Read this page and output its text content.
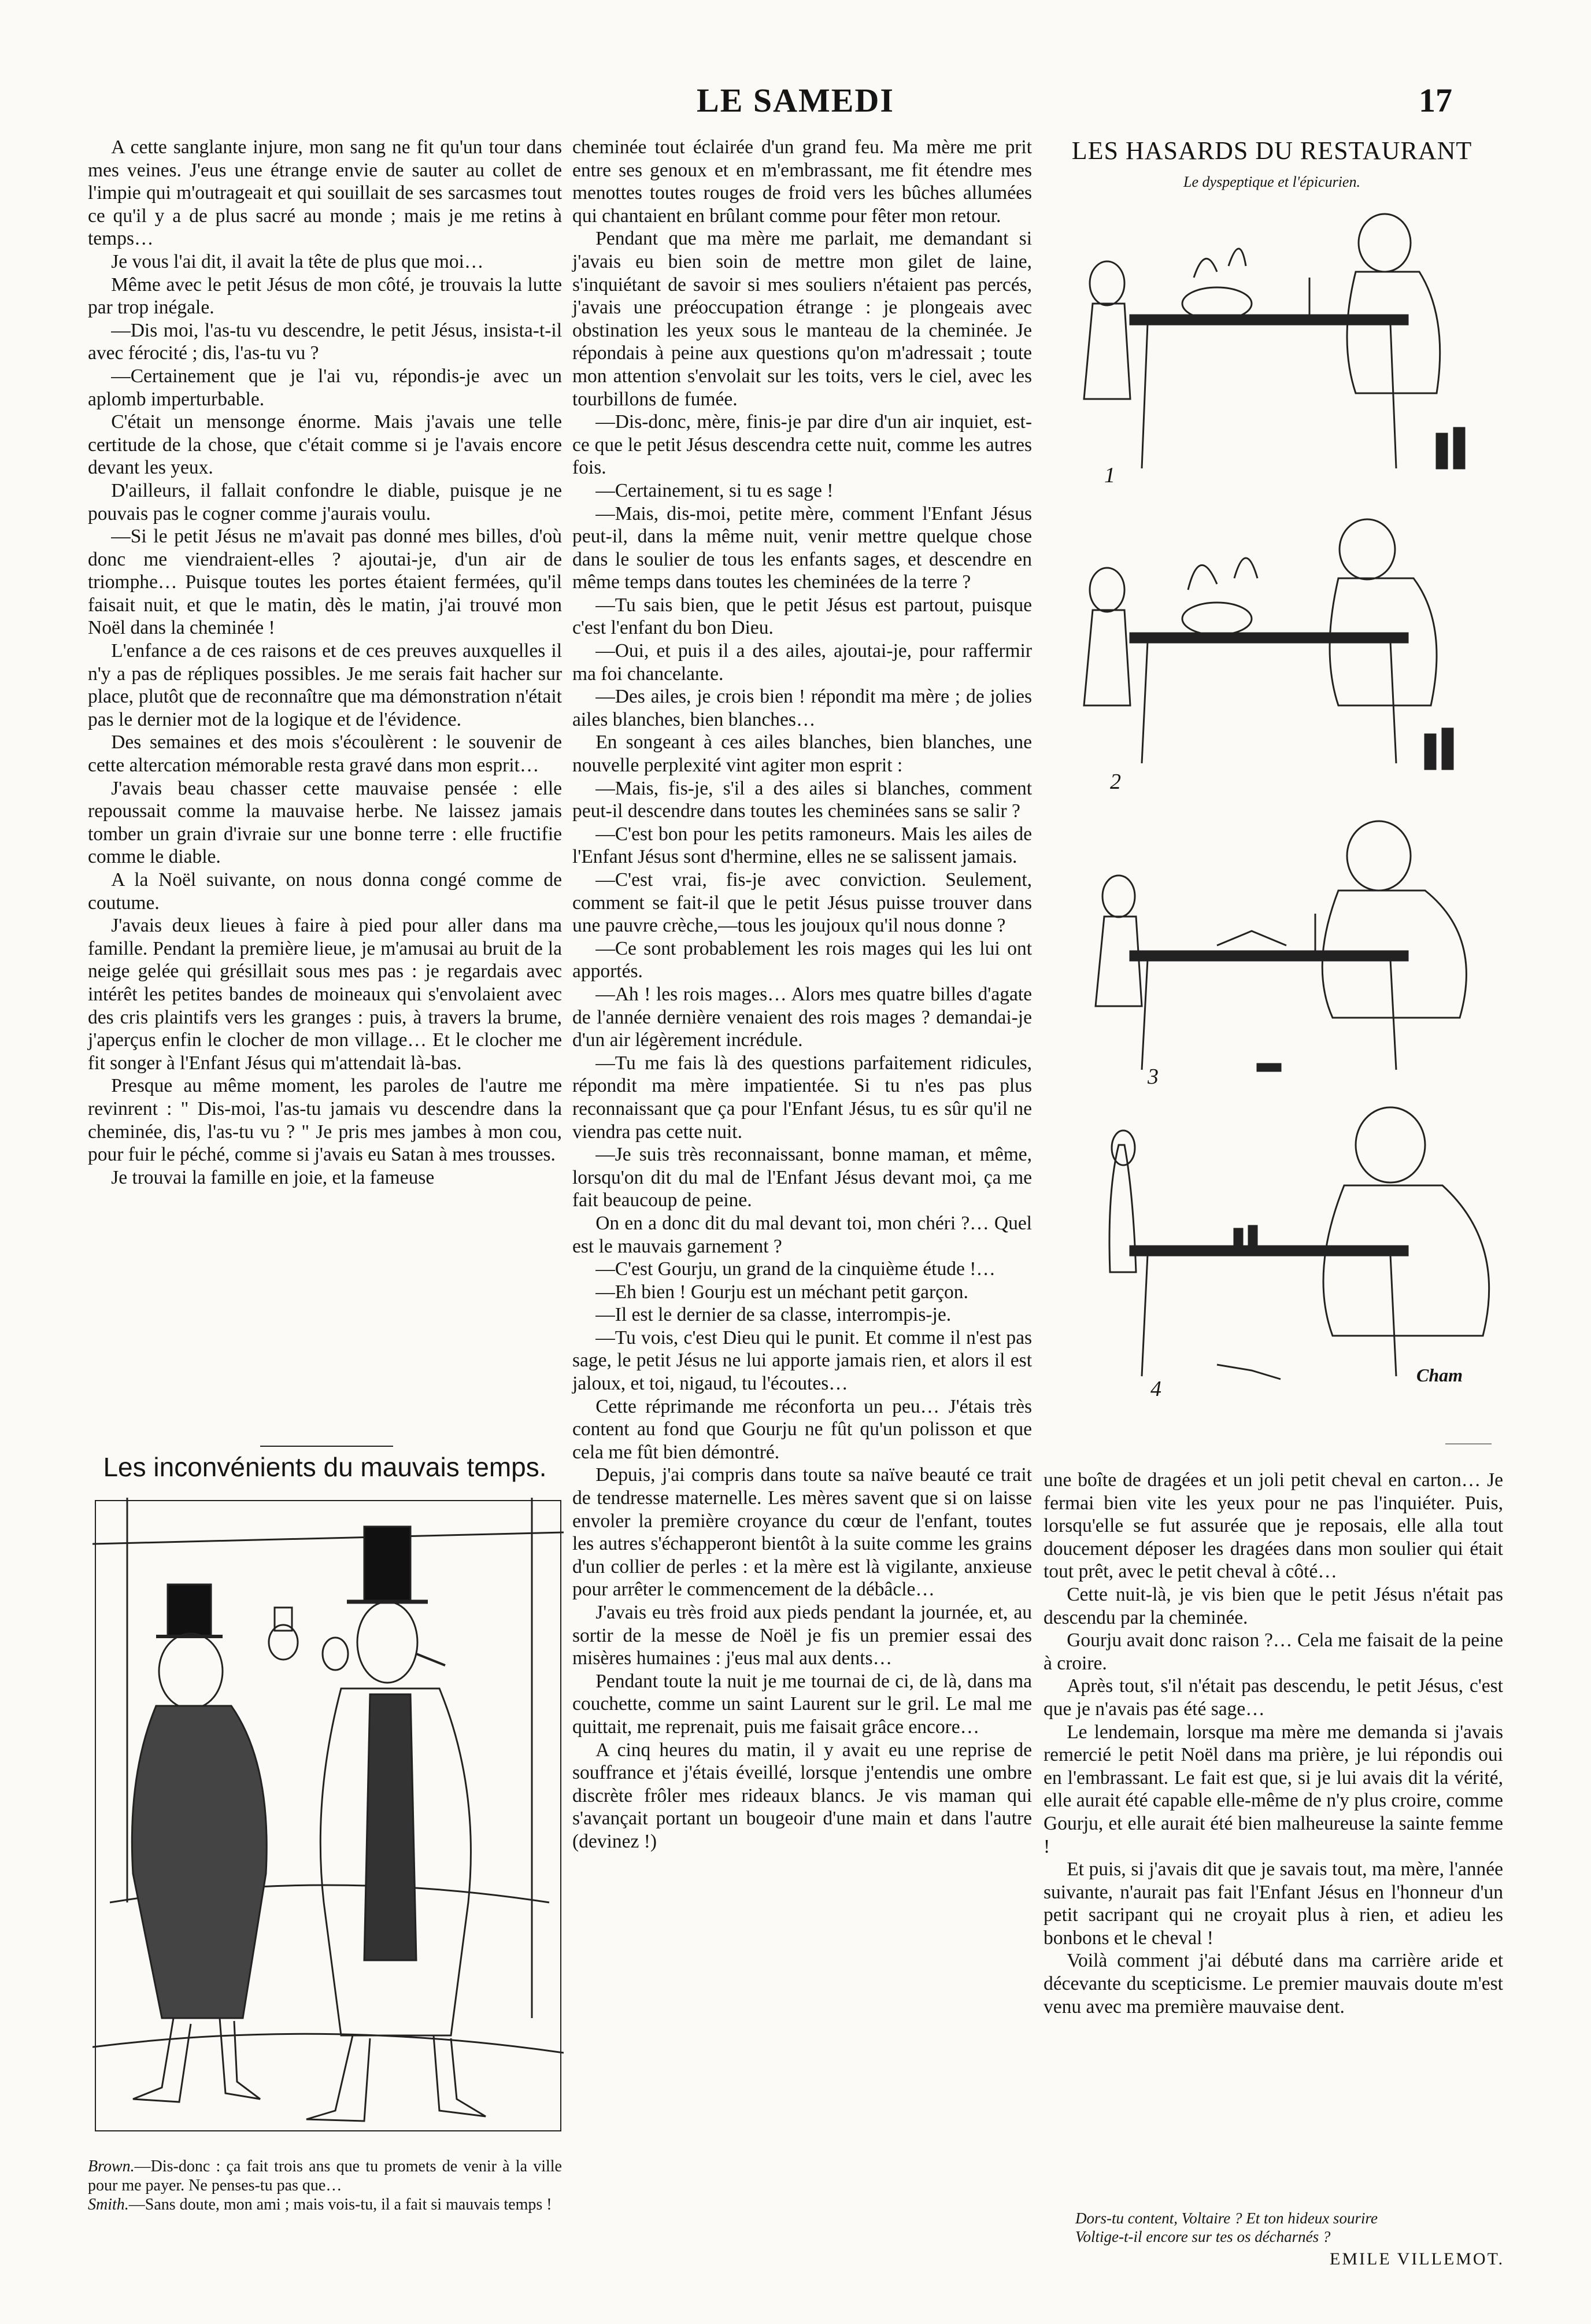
LE SAMEDI	17

A cette sanglante injure, mon sang ne fit qu'un tour dans mes veines. J'eus une étrange envie de sauter au collet de l'impie qui m'outrageait et qui souillait de ses sarcasmes tout ce qu'il y a de plus sacré au monde ; mais je me retins à temps…

Je vous l'ai dit, il avait la tête de plus que moi…

Même avec le petit Jésus de mon côté, je trouvais la lutte par trop inégale.

—Dis moi, l'as-tu vu descendre, le petit Jésus, insista-t-il avec férocité ; dis, l'as-tu vu ?

—Certainement que je l'ai vu, répondis-je avec un aplomb imperturbable.

C'était un mensonge énorme. Mais j'avais une telle certitude de la chose, que c'était comme si je l'avais encore devant les yeux.

D'ailleurs, il fallait confondre le diable, puisque je ne pouvais pas le cogner comme j'aurais voulu.

—Si le petit Jésus ne m'avait pas donné mes billes, d'où donc me viendraient-elles ? ajoutai-je, d'un air de triomphe… Puisque toutes les portes étaient fermées, qu'il faisait nuit, et que le matin, dès le matin, j'ai trouvé mon Noël dans la cheminée !

L'enfance a de ces raisons et de ces preuves auxquelles il n'y a pas de répliques possibles. Je me serais fait hacher sur place, plutôt que de reconnaître que ma démonstration n'était pas le dernier mot de la logique et de l'évidence.

Des semaines et des mois s'écoulèrent : le souvenir de cette altercation mémorable resta gravé dans mon esprit…

J'avais beau chasser cette mauvaise pensée : elle repoussait comme la mauvaise herbe. Ne laissez jamais tomber un grain d'ivraie sur une bonne terre : elle fructifie comme le diable.

A la Noël suivante, on nous donna congé comme de coutume.

J'avais deux lieues à faire à pied pour aller dans ma famille. Pendant la première lieue, je m'amusai au bruit de la neige gelée qui grésillait sous mes pas : je regardais avec intérêt les petites bandes de moineaux qui s'envolaient avec des cris plaintifs vers les granges : puis, à travers la brume, j'aperçus enfin le clocher de mon village… Et le clocher me fit songer à l'Enfant Jésus qui m'attendait là-bas.

Presque au même moment, les paroles de l'autre me revinrent : " Dis-moi, l'as-tu jamais vu descendre dans la cheminée, dis, l'as-tu vu ? " Je pris mes jambes à mon cou, pour fuir le péché, comme si j'avais eu Satan à mes trousses.

Je trouvai la famille en joie, et la fameuse

Les inconvénients du mauvais temps.

Brown.—Dis-donc : ça fait trois ans que tu promets de venir à la ville pour me payer. Ne penses-tu pas que…

Smith.—Sans doute, mon ami ; mais vois-tu, il a fait si mauvais temps !

cheminée tout éclairée d'un grand feu. Ma mère me prit entre ses genoux et en m'embrassant, me fit étendre mes menottes toutes rouges de froid vers les bûches allumées qui chantaient en brûlant comme pour fêter mon retour.

Pendant que ma mère me parlait, me demandant si j'avais eu bien soin de mettre mon gilet de laine, s'inquiétant de savoir si mes souliers n'étaient pas percés, j'avais une préoccupation étrange : je plongeais avec obstination les yeux sous le manteau de la cheminée. Je répondais à peine aux questions qu'on m'adressait ; toute mon attention s'envolait sur les toits, vers le ciel, avec les tourbillons de fumée.

—Dis-donc, mère, finis-je par dire d'un air inquiet, est-ce que le petit Jésus descendra cette nuit, comme les autres fois.

—Certainement, si tu es sage !

—Mais, dis-moi, petite mère, comment l'Enfant Jésus peut-il, dans la même nuit, venir mettre quelque chose dans le soulier de tous les enfants sages, et descendre en même temps dans toutes les cheminées de la terre ?

—Tu sais bien, que le petit Jésus est partout, puisque c'est l'enfant du bon Dieu.

—Oui, et puis il a des ailes, ajoutai-je, pour raffermir ma foi chancelante.

—Des ailes, je crois bien ! répondit ma mère ; de jolies ailes blanches, bien blanches…

En songeant à ces ailes blanches, bien blanches, une nouvelle perplexité vint agiter mon esprit :

—Mais, fis-je, s'il a des ailes si blanches, comment peut-il descendre dans toutes les cheminées sans se salir ?

—C'est bon pour les petits ramoneurs. Mais les ailes de l'Enfant Jésus sont d'hermine, elles ne se salissent jamais.

—C'est vrai, fis-je avec conviction. Seulement, comment se fait-il que le petit Jésus puisse trouver dans une pauvre crèche,—tous les joujoux qu'il nous donne ?

—Ce sont probablement les rois mages qui les lui ont apportés.

—Ah ! les rois mages… Alors mes quatre billes d'agate de l'année dernière venaient des rois mages ? demandai-je d'un air légèrement incrédule.

—Tu me fais là des questions parfaitement ridicules, répondit ma mère impatientée. Si tu n'es pas plus reconnaissant que ça pour l'Enfant Jésus, tu es sûr qu'il ne viendra pas cette nuit.

—Je suis très reconnaissant, bonne maman, et même, lorsqu'on dit du mal de l'Enfant Jésus devant moi, ça me fait beaucoup de peine.

On en a donc dit du mal devant toi, mon chéri ?… Quel est le mauvais garnement ?

—C'est Gourju, un grand de la cinquième étude !…

—Eh bien ! Gourju est un méchant petit garçon.

—Il est le dernier de sa classe, interrompis-je.

—Tu vois, c'est Dieu qui le punit. Et comme il n'est pas sage, le petit Jésus ne lui apporte jamais rien, et alors il est jaloux, et toi, nigaud, tu l'écoutes…

Cette réprimande me réconforta un peu… J'étais très content au fond que Gourju ne fût qu'un polisson et que cela me fût bien démontré.

Depuis, j'ai compris dans toute sa naïve beauté ce trait de tendresse maternelle. Les mères savent que si on laisse envoler la première croyance du cœur de l'enfant, toutes les autres s'échapperont bientôt à la suite comme les grains d'un collier de perles : et la mère est là vigilante, anxieuse pour arrêter le commencement de la débâcle…

J'avais eu très froid aux pieds pendant la journée, et, au sortir de la messe de Noël je fis un premier essai des misères humaines : j'eus mal aux dents…

Pendant toute la nuit je me tournai de ci, de là, dans ma couchette, comme un saint Laurent sur le gril. Le mal me quittait, me reprenait, puis me faisait grâce encore…

A cinq heures du matin, il y avait eu une reprise de souffrance et j'étais éveillé, lorsque j'entendis une ombre discrète frôler mes rideaux blancs. Je vis maman qui s'avançait portant un bougeoir d'une main et dans l'autre (devinez !)

LES HASARDS DU RESTAURANT
Le dyspeptique et l'épicurien.
1
2
3
4
Cham

une boîte de dragées et un joli petit cheval en carton… Je fermai bien vite les yeux pour ne pas l'inquiéter. Puis, lorsqu'elle se fut assurée que je reposais, elle alla tout doucement déposer les dragées dans mon soulier qui était tout prêt, avec le petit cheval à côté…

Cette nuit-là, je vis bien que le petit Jésus n'était pas descendu par la cheminée.

Gourju avait donc raison ?… Cela me faisait de la peine à croire.

Après tout, s'il n'était pas descendu, le petit Jésus, c'est que je n'avais pas été sage…

Le lendemain, lorsque ma mère me demanda si j'avais remercié le petit Noël dans ma prière, je lui répondis oui en l'embrassant. Le fait est que, si je lui avais dit la vérité, elle aurait été capable elle-même de n'y plus croire, comme Gourju, et elle aurait été bien malheureuse la sainte femme !

Et puis, si j'avais dit que je savais tout, ma mère, l'année suivante, n'aurait pas fait l'Enfant Jésus en l'honneur d'un petit sacripant qui ne croyait plus à rien, et adieu les bonbons et le cheval !

Voilà comment j'ai débuté dans ma carrière aride et décevante du scepticisme. Le premier mauvais doute m'est venu avec ma première mauvaise dent.

Dors-tu content, Voltaire ? Et ton hideux sourire

Voltige-t-il encore sur tes os décharnés ?

EMILE VILLEMOT.
